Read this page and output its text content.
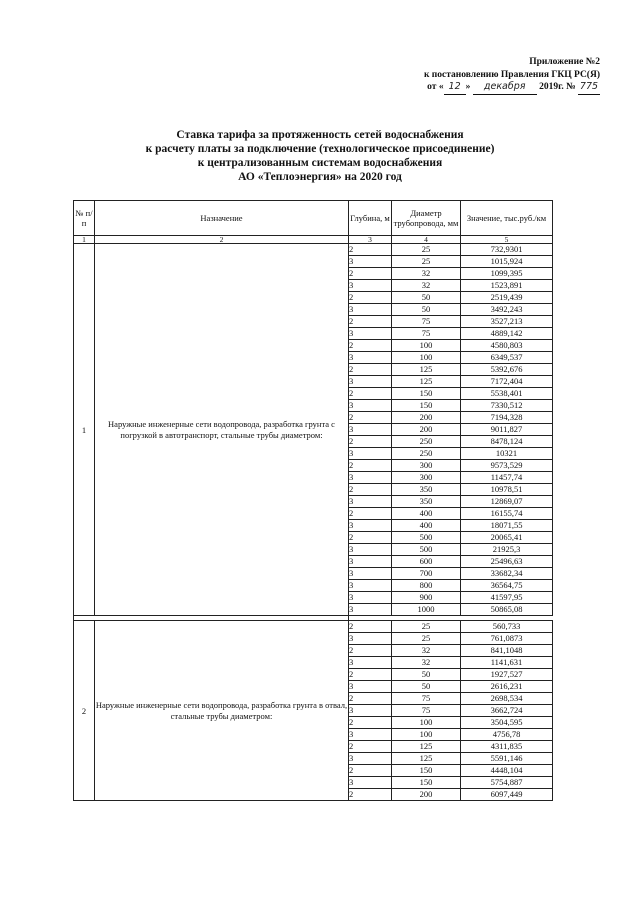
Приложение №2
к постановлению Правления ГКЦ РС(Я)
от « 12 » декабря 2019г. № 775
Ставка тарифа за протяженность сетей водоснабжения
к расчету платы за подключение (технологическое присоединение)
к централизованным системам водоснабжения
АО «Теплоэнергия» на 2020 год
№ п/п	Назначение	Глубина, м	Диаметр трубопровода, мм	Значение, тыс.руб./км
1	2	3	4	5
1	Наружные инженерные сети водопровода, разработка грунта с погрузкой в автотранспорт, стальные трубы диаметром:	2	25	732,9301
		3	25	1015,924
		2	32	1099,395
		3	32	1523,891
		2	50	2519,439
		3	50	3492,243
		2	75	3527,213
		3	75	4889,142
		2	100	4580,803
		3	100	6349,537
		2	125	5392,676
		3	125	7172,404
		2	150	5538,401
		3	150	7330,512
		2	200	7194,328
		3	200	9011,827
		2	250	8478,124
		3	250	10321
		2	300	9573,529
		3	300	11457,74
		2	350	10978,51
		3	350	12869,07
		2	400	16155,74
		3	400	18071,55
		2	500	20065,41
		3	500	21925,3
		3	600	25496,63
		3	700	33682,34
		3	800	36564,75
		3	900	41597,95
		3	1000	50865,08

2	Наружные инженерные сети водопровода, разработка грунта в отвал, стальные трубы диаметром:	2	25	560,733
		3	25	761,0873
		2	32	841,1048
		3	32	1141,631
		2	50	1927,527
		3	50	2616,231
		2	75	2698,534
		3	75	3662,724
		2	100	3504,595
		3	100	4756,78
		2	125	4311,835
		3	125	5591,146
		2	150	4448,104
		3	150	5754,887
		2	200	6097,449
